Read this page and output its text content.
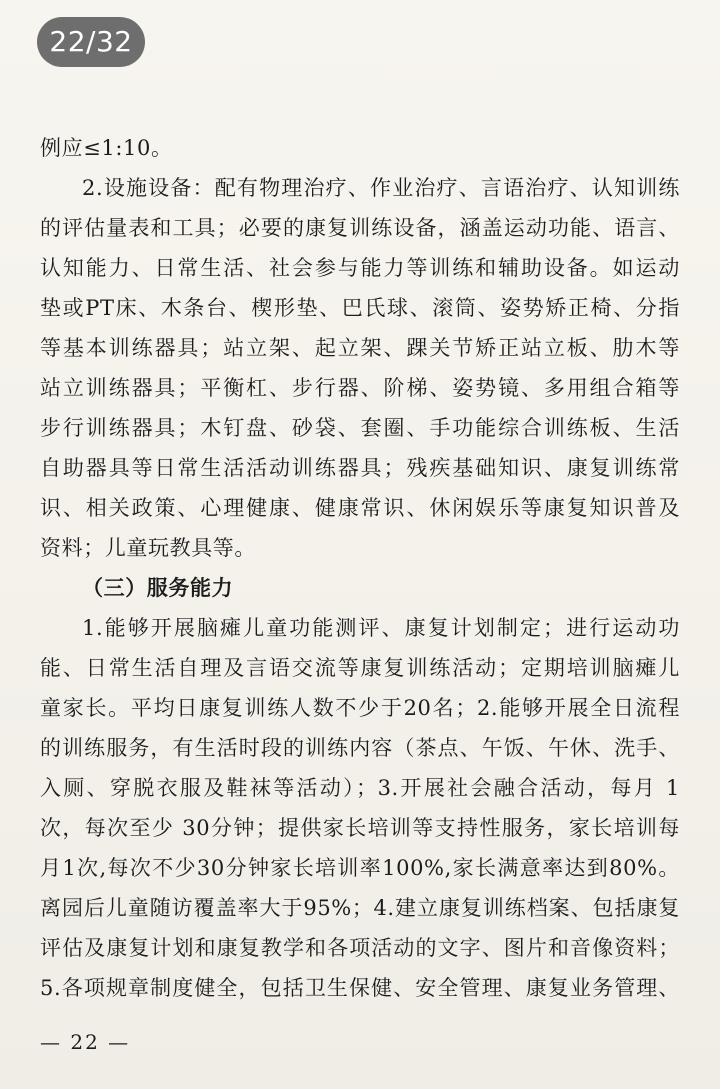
22/32
例应≤1:10。
2.设施设备：配有物理治疗、作业治疗、言语治疗、认知训练
的评估量表和工具；必要的康复训练设备，涵盖运动功能、语言、
认知能力、日常生活、社会参与能力等训练和辅助设备。如运动
垫或PT床、木条台、楔形垫、巴氏球、滚筒、姿势矫正椅、分指
等基本训练器具；站立架、起立架、踝关节矫正站立板、肋木等
站立训练器具；平衡杠、步行器、阶梯、姿势镜、多用组合箱等
步行训练器具；木钉盘、砂袋、套圈、手功能综合训练板、生活
自助器具等日常生活活动训练器具；残疾基础知识、康复训练常
识、相关政策、心理健康、健康常识、休闲娱乐等康复知识普及
资料；儿童玩教具等。
（三）服务能力
1.能够开展脑瘫儿童功能测评、康复计划制定；进行运动功
能、日常生活自理及言语交流等康复训练活动；定期培训脑瘫儿
童家长。平均日康复训练人数不少于20名；2.能够开展全日流程
的训练服务，有生活时段的训练内容（茶点、午饭、午休、洗手、
入厕、穿脱衣服及鞋袜等活动）；3.开展社会融合活动，每月 1
次，每次至少 30分钟；提供家长培训等支持性服务，家长培训每
月1次,每次不少30分钟家长培训率100%,家长满意率达到80%。
离园后儿童随访覆盖率大于95%；4.建立康复训练档案、包括康复
评估及康复计划和康复教学和各项活动的文字、图片和音像资料；
5.各项规章制度健全，包括卫生保健、安全管理、康复业务管理、
— 22 —
